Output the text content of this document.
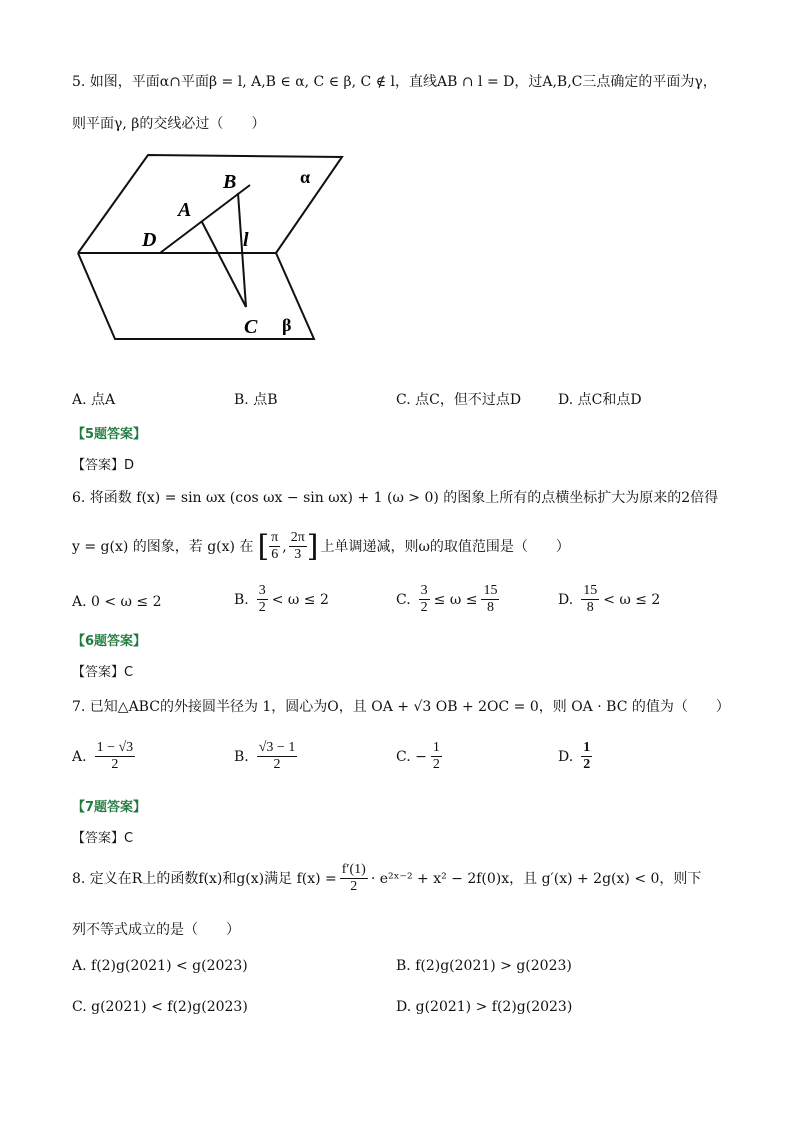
5. 如图，平面α∩平面β = l, A,B ∈ α, C ∈ β, C ∉ l，直线AB ∩ l = D，过A,B,C三点确定的平面为γ，
则平面γ, β的交线必过（　　）
B
A
D	l
C
α
β
A. 点A	B. 点B	C. 点C，但不过点D	D. 点C和点D
【5题答案】
【答案】D
6. 将函数 f(x) = sin ωx (cos ωx − sin ωx) + 1 (ω > 0) 的图象上所有的点横坐标扩大为原来的2倍得
y = g(x) 的图象，若 g(x) 在 [ $\frac{\pi}{6}$ , $\frac{2\pi}{3}$ ] 上单调递减，则ω的取值范围是（　　）
A. 0 < ω ≤ 2	B. $\frac{3}{2} < \omega \le 2$	C. $\frac{3}{2} \le \omega \le \frac{15}{8}$	D. $\frac{15}{8} < \omega \le 2$
【6题答案】
【答案】C
7. 已知△ABC的外接圆半径为 1，圆心为O，且 OA + √3 OB + 2OC = 0，则 OA · BC 的值为（　　）
A. $\frac{1 - √3}{2}$	B. $\frac{√3 - 1}{2}$	C. − $\frac{1}{2}$	D. $\frac{1}{2}$
【7题答案】
【答案】C
8. 定义在R上的函数f(x)和g(x)满足 $f(x) = \frac{f'(1)}{2}$ · e²ˣ⁻² + x² − 2f(0)x，且 g′(x) + 2g(x) < 0，则下
列不等式成立的是（　　）
A. f(2)g(2021) < g(2023)	B. f(2)g(2021) > g(2023)
C. g(2021) < f(2)g(2023)	D. g(2021) > f(2)g(2023)
